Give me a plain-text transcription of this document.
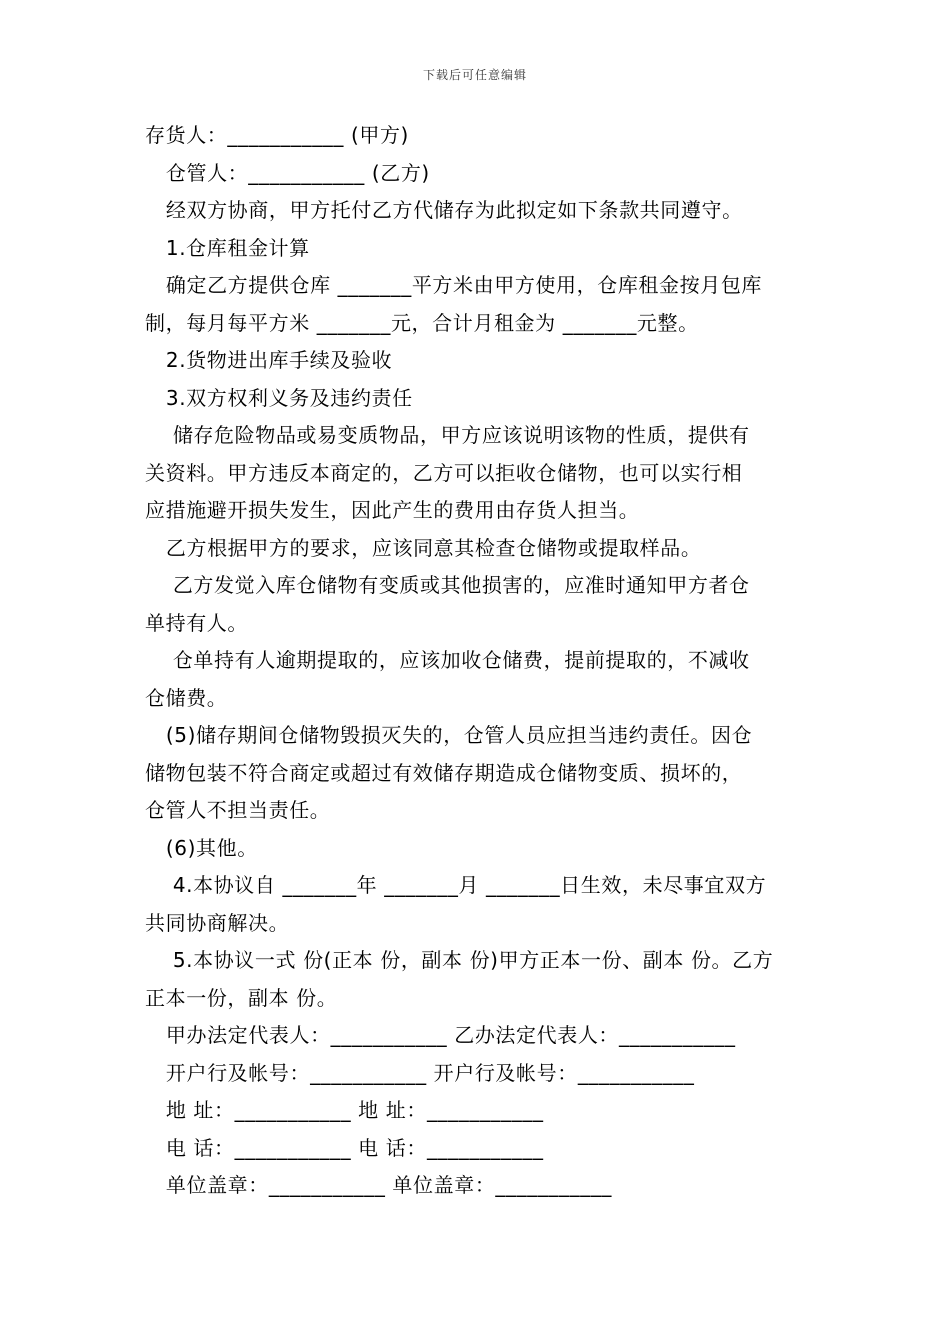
下载后可任意编辑
存货人：___________ (甲方)
仓管人：___________ (乙方)
经双方协商，甲方托付乙方代储存为此拟定如下条款共同遵守。
1.仓库租金计算
确定乙方提供仓库 _______平方米由甲方使用，仓库租金按月包库
制，每月每平方米 _______元，合计月租金为 _______元整。
2.货物进出库手续及验收
3.双方权利义务及违约责任
储存危险物品或易变质物品，甲方应该说明该物的性质，提供有
关资料。甲方违反本商定的，乙方可以拒收仓储物，也可以实行相
应措施避开损失发生，因此产生的费用由存货人担当。
乙方根据甲方的要求，应该同意其检查仓储物或提取样品。
乙方发觉入库仓储物有变质或其他损害的，应准时通知甲方者仓
单持有人。
仓单持有人逾期提取的，应该加收仓储费，提前提取的，不减收
仓储费。
(5)储存期间仓储物毁损灭失的，仓管人员应担当违约责任。因仓
储物包装不符合商定或超过有效储存期造成仓储物变质、损坏的，
仓管人不担当责任。
(6)其他。
4.本协议自 _______年 _______月 _______日生效，未尽事宜双方
共同协商解决。
5.本协议一式 份(正本 份，副本 份)甲方正本一份、副本 份。乙方
正本一份，副本 份。
甲办法定代表人：___________ 乙办法定代表人：___________
开户行及帐号：___________ 开户行及帐号：___________
地 址：___________ 地 址：___________
电 话：___________ 电 话：___________
单位盖章：___________ 单位盖章：___________
